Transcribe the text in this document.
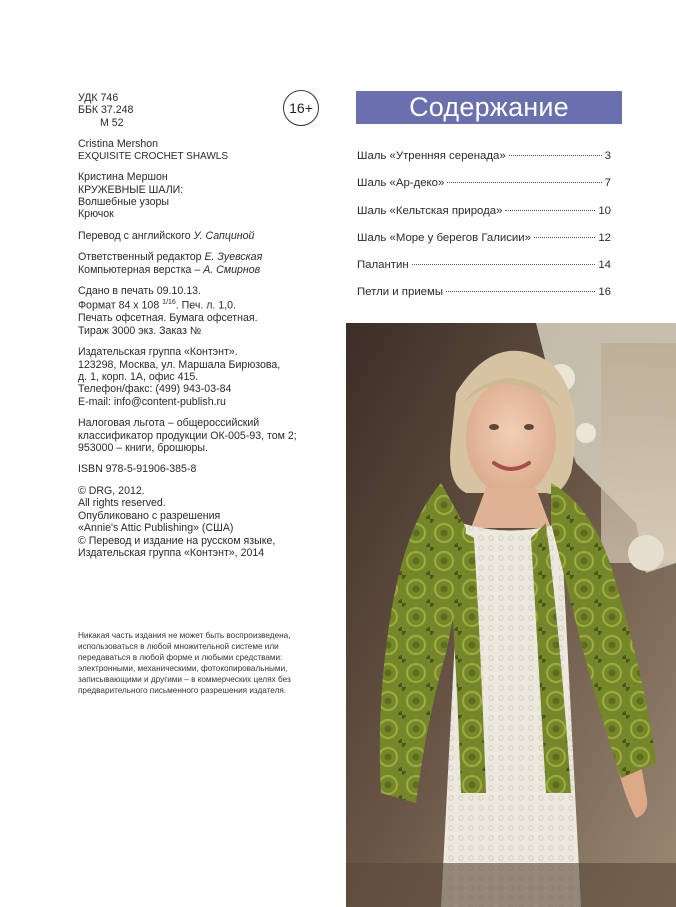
УДК 746
ББК 37.248
М 52
Cristina Mershon
EXQUISITE CROCHET SHAWLS
Кристина Мершон
КРУЖЕВНЫЕ ШАЛИ:
Волшебные узоры
Крючок
Перевод с английского У. Сапциной
Ответственный редактор Е. Зуевская
Компьютерная верстка – А. Смирнов
Сдано в печать 09.10.13.
Формат 84 х 108 $^{1/16}$. Печ. л. 1,0.
Печать офсетная. Бумага офсетная.
Тираж 3000 экз. Заказ №
Издательская группа «Контэнт».
123298, Москва, ул. Маршала Бирюзова,
д. 1, корп. 1А, офис 415.
Телефон/факс: (499) 943-03-84
E-mail: info@content-publish.ru
Налоговая льгота – общероссийский
классификатор продукции ОК-005-93, том 2;
953000 – книги, брошюры.
ISBN 978-5-91906-385-8
© DRG, 2012.
All rights reserved.
Опубликовано с разрешения
«Annie's Attic Publishing» (США)
© Перевод и издание на русском языке,
Издательская группа «Контэнт», 2014
16+
Никакая часть издания не может быть воспроизведена,
использоваться в любой множительной системе или
передаваться в любой форме и любыми средствами:
электронными, механическими, фотокопировальными,
записывающими и другими – в коммерческих целях без
предварительного письменного разрешения издателя.
Содержание
Шаль «Утренняя серенада»	3
Шаль «Ар-деко»	7
Шаль «Кельтская природа»	10
Шаль «Море у берегов Галисии»	12
Палантин	14
Петли и приемы	16
